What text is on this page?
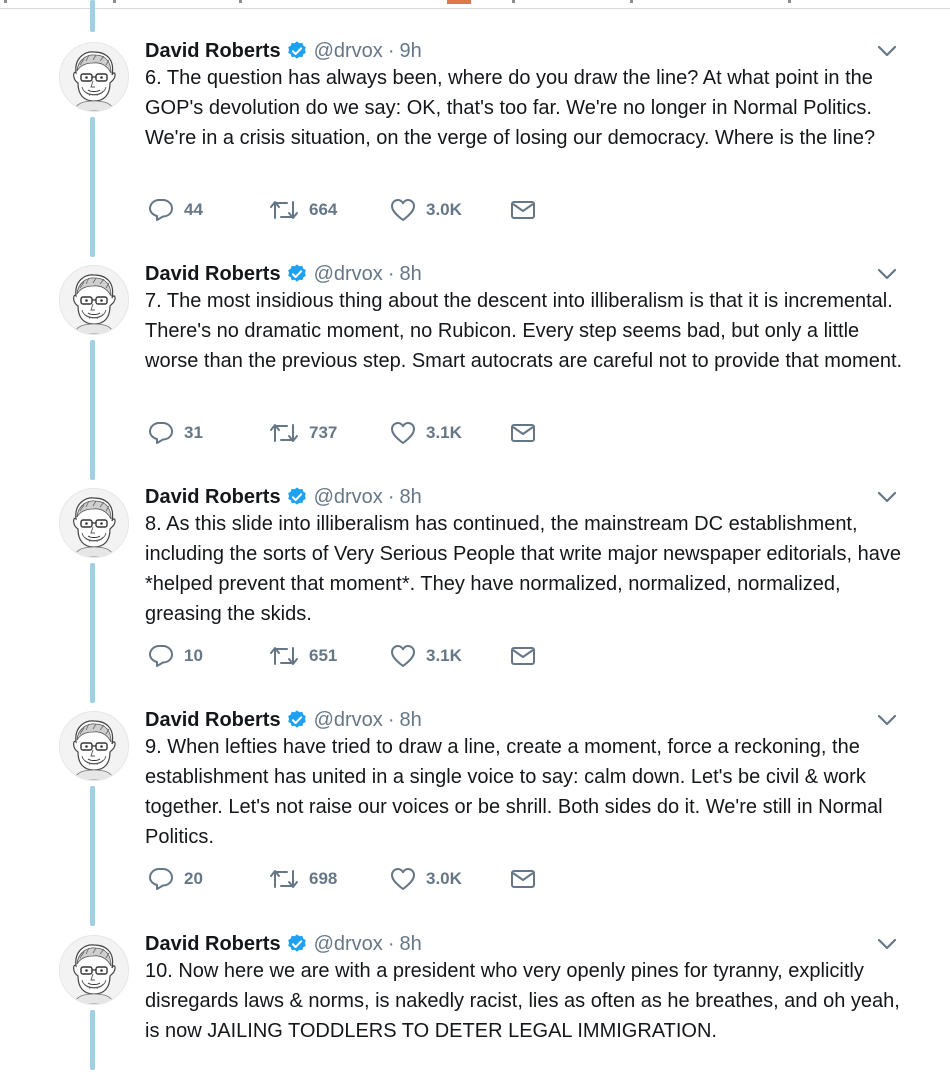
David Roberts @drvox · 9h
6. The question has always been, where do you draw the line? At what point in the GOP's devolution do we say: OK, that's too far. We're no longer in Normal Politics. We're in a crisis situation, on the verge of losing our democracy. Where is the line?
44	664	3.0K
David Roberts @drvox · 8h
7. The most insidious thing about the descent into illiberalism is that it is incremental. There's no dramatic moment, no Rubicon. Every step seems bad, but only a little worse than the previous step. Smart autocrats are careful not to provide that moment.
31	737	3.1K
David Roberts @drvox · 8h
8. As this slide into illiberalism has continued, the mainstream DC establishment, including the sorts of Very Serious People that write major newspaper editorials, have *helped prevent that moment*. They have normalized, normalized, normalized, greasing the skids.
10	651	3.1K
David Roberts @drvox · 8h
9. When lefties have tried to draw a line, create a moment, force a reckoning, the establishment has united in a single voice to say: calm down. Let's be civil & work together. Let's not raise our voices or be shrill. Both sides do it. We're still in Normal Politics.
20	698	3.0K
David Roberts @drvox · 8h
10. Now here we are with a president who very openly pines for tyranny, explicitly disregards laws & norms, is nakedly racist, lies as often as he breathes, and oh yeah, is now JAILING TODDLERS TO DETER LEGAL IMMIGRATION.
